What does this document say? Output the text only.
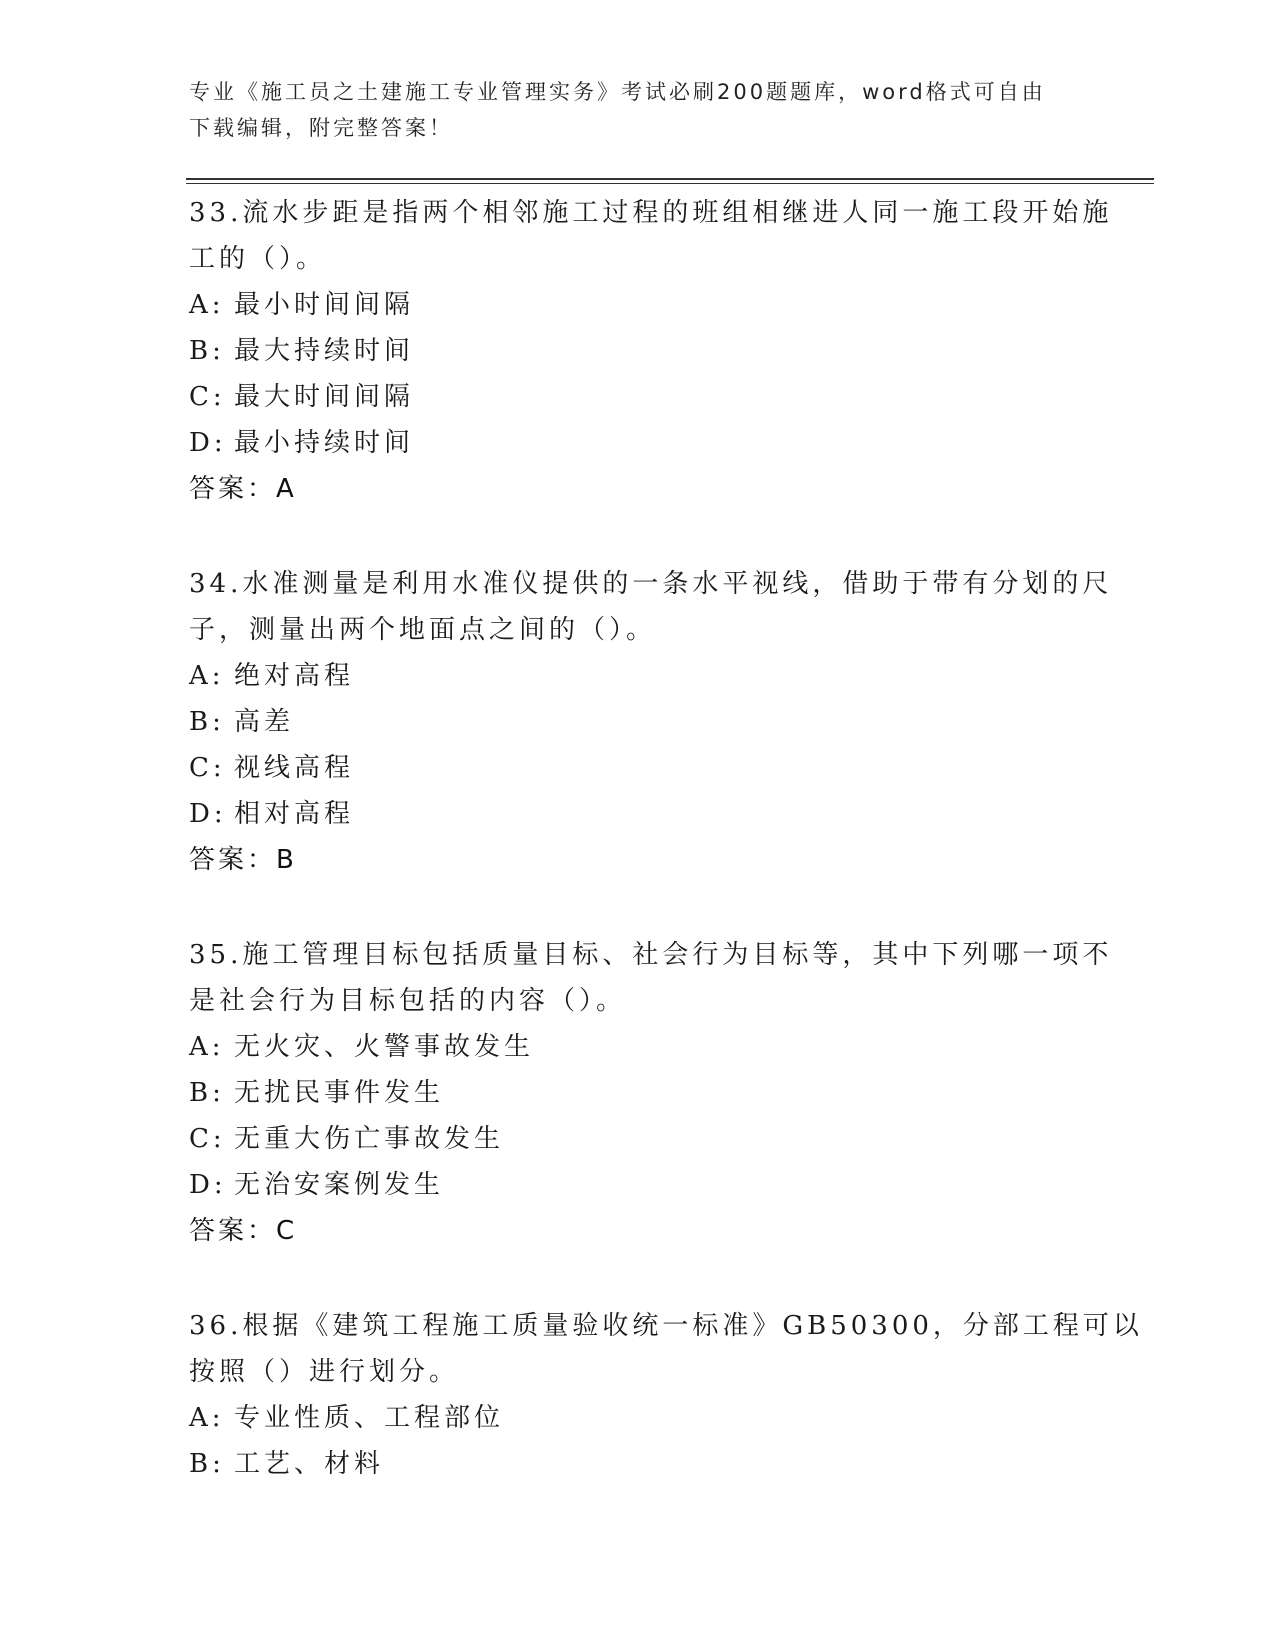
专业《施工员之土建施工专业管理实务》考试必刷200题题库，word格式可自由
下载编辑，附完整答案！
33.流水步距是指两个相邻施工过程的班组相继进人同一施工段开始施
工的（）。
A: 最小时间间隔
B: 最大持续时间
C: 最大时间间隔
D: 最小持续时间
答案：A
34.水准测量是利用水准仪提供的一条水平视线，借助于带有分划的尺
子，测量出两个地面点之间的（）。
A: 绝对高程
B: 高差
C: 视线高程
D: 相对高程
答案：B
35.施工管理目标包括质量目标、社会行为目标等，其中下列哪一项不
是社会行为目标包括的内容（）。
A: 无火灾、火警事故发生
B: 无扰民事件发生
C: 无重大伤亡事故发生
D: 无治安案例发生
答案：C
36.根据《建筑工程施工质量验收统一标准》GB50300，分部工程可以
按照（）进行划分。
A: 专业性质、工程部位
B: 工艺、材料
